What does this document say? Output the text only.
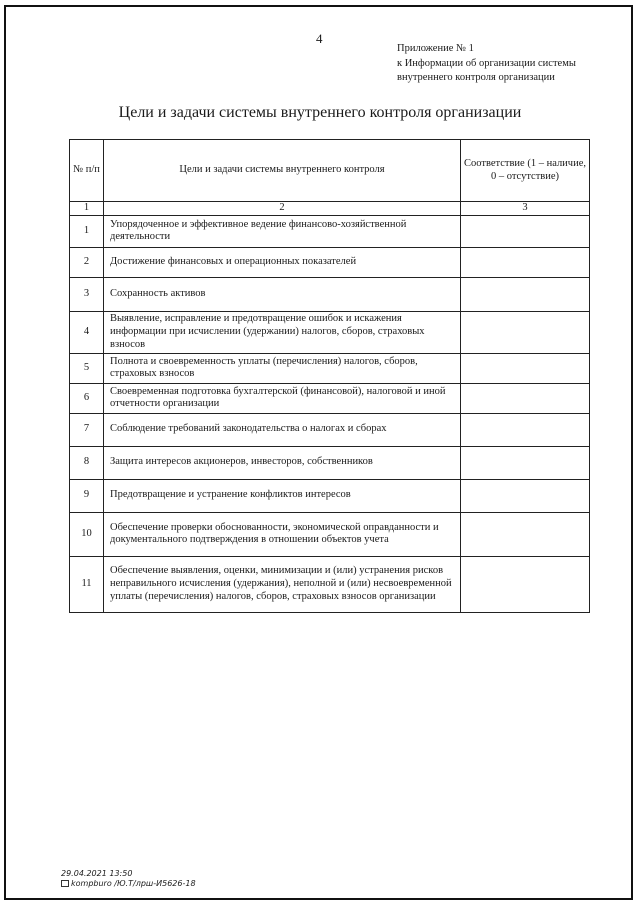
4
Приложение № 1
к Информации об организации системы
внутреннего контроля организации
Цели и задачи системы внутреннего контроля организации
№ п/п	Цели и задачи системы внутреннего контроля	Соответствие (1 – наличие, 0 – отсутствие)
1	2	3
1	Упорядоченное и эффективное ведение финансово-хозяйственной деятельности	
2	Достижение финансовых и операционных показателей	
3	Сохранность активов	
4	Выявление, исправление и предотвращение ошибок и искажения информации при исчислении (удержании) налогов, сборов, страховых взносов	
5	Полнота и своевременность уплаты (перечисления) налогов, сборов, страховых взносов	
6	Своевременная подготовка бухгалтерской (финансовой), налоговой и иной отчетности организации	
7	Соблюдение требований законодательства о налогах и сборах	
8	Защита интересов акционеров, инвесторов, собственников	
9	Предотвращение и устранение конфликтов интересов	
10	Обеспечение проверки обоснованности, экономической оправданности и документального подтверждения в отношении объектов учета	
11	Обеспечение выявления, оценки, минимизации и (или) устранения рисков неправильного исчисления (удержания), неполной и (или) несвоевременной уплаты (перечисления) налогов, сборов, страховых взносов организации	
29.04.2021 13:50
kompburo /Ю.Т/лрш-И5626-18
